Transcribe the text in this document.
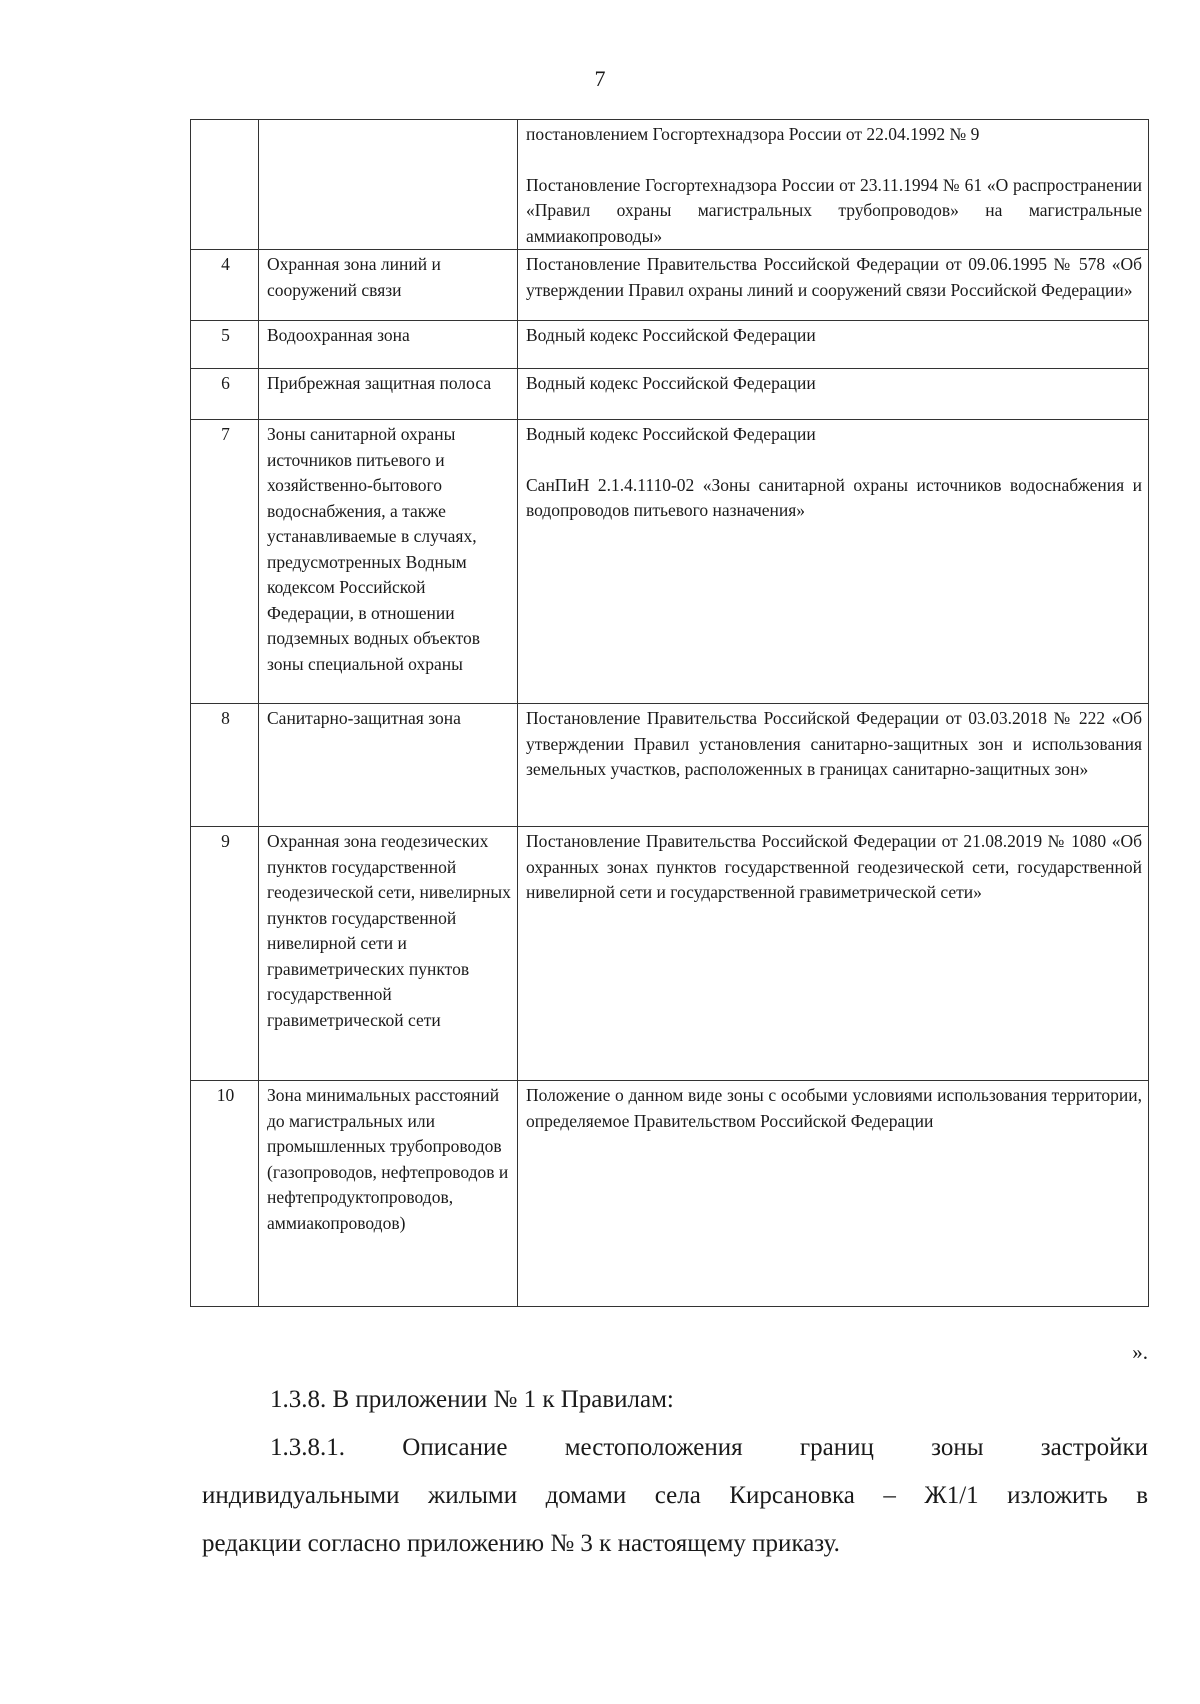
7

		постановлением Госгортехнадзора России от 22.04.1992 № 9

Постановление Госгортехнадзора России от 23.11.1994 № 61 «О распространении «Правил охраны магистральных трубопроводов» на магистральные аммиакопроводы»

4	Охранная зона линий и сооружений связи	Постановление Правительства Российской Федерации от 09.06.1995 № 578 «Об утверждении Правил охраны линий и сооружений связи Российской Федерации»

5	Водоохранная зона	Водный кодекс Российской Федерации

6	Прибрежная защитная полоса	Водный кодекс Российской Федерации

7	Зоны санитарной охраны источников питьевого и хозяйственно-бытового водоснабжения, а также устанавливаемые в случаях, предусмотренных Водным кодексом Российской Федерации, в отношении подземных водных объектов зоны специальной охраны	Водный кодекс Российской Федерации

СанПиН 2.1.4.1110-02 «Зоны санитарной охраны источников водоснабжения и водопроводов питьевого назначения»

8	Санитарно-защитная зона	Постановление Правительства Российской Федерации от 03.03.2018 № 222 «Об утверждении Правил установления санитарно-защитных зон и использования земельных участков, расположенных в границах санитарно-защитных зон»

9	Охранная зона геодезических пунктов государственной геодезической сети, нивелирных пунктов государственной нивелирной сети и гравиметрических пунктов государственной гравиметрической сети	Постановление Правительства Российской Федерации от 21.08.2019 № 1080 «Об охранных зонах пунктов государственной геодезической сети, государственной нивелирной сети и государственной гравиметрической сети»

10	Зона минимальных расстояний до магистральных или промышленных трубопроводов (газопроводов, нефтепроводов и нефтепродуктопроводов, аммиакопроводов)	Положение о данном виде зоны с особыми условиями использования территории, определяемое Правительством Российской Федерации

».
1.3.8. В приложении № 1 к Правилам:
1.3.8.1. Описание местоположения границ зоны застройки
индивидуальными жилыми домами села Кирсановка – Ж1/1 изложить в
редакции согласно приложению № 3 к настоящему приказу.
